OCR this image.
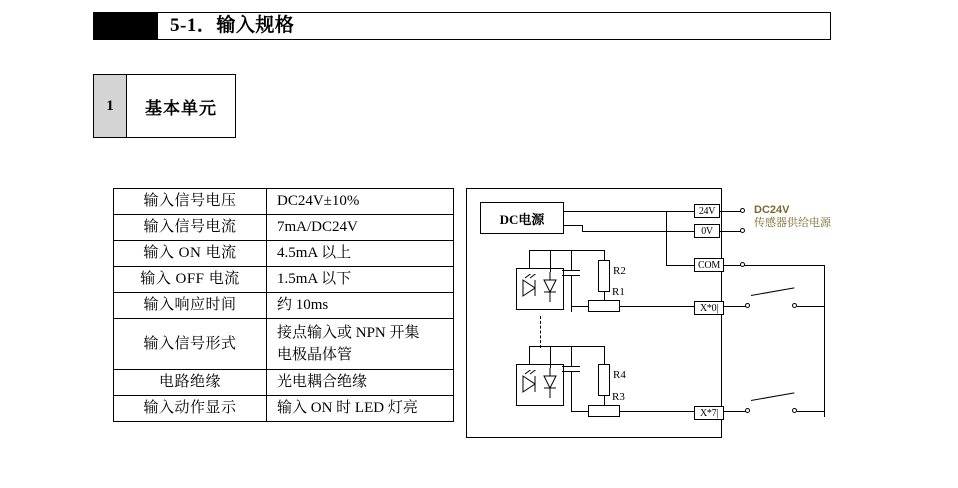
5-1．输入规格
1	基本单元
输入信号电压	DC24V±10%
输入信号电流	7mA/DC24V
输入 ON 电流	4.5mA 以上
输入 OFF 电流	1.5mA 以下
输入响应时间	约 10ms
输入信号形式	接点输入或 NPN 开集
电极晶体管

电路绝缘	光电耦合绝缘
输入动作显示	输入 ON 时 LED 灯亮
DC电源
24V
0V
COM
X*0|
X*7|
R2
R1
R4
R3
DC24V
传感器供给电源
